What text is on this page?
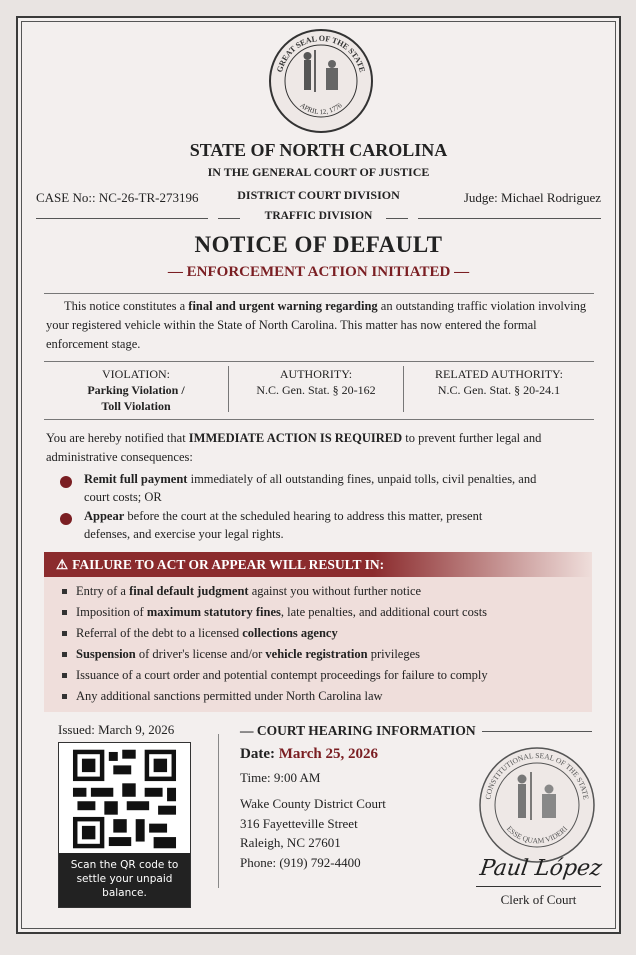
GREAT SEAL OF THE STATE
APRIL 12, 1776
STATE OF NORTH CAROLINA
IN THE GENERAL COURT OF JUSTICE
CASE No:: NC-26-TR-273196	DISTRICT COURT DIVISION	Judge: Michael Rodriguez
TRAFFIC DIVISION
NOTICE OF DEFAULT
— ENFORCEMENT ACTION INITIATED —
This notice constitutes a final and urgent warning regarding an outstanding traffic violation involving your registered vehicle within the State of North Carolina. This matter has now entered the formal enforcement stage.
VIOLATION:
Parking Violation / Toll Violation
AUTHORITY:
N.C. Gen. Stat. § 20-162
RELATED AUTHORITY:
N.C. Gen. Stat. § 20-24.1
You are hereby notified that IMMEDIATE ACTION IS REQUIRED to prevent further legal and administrative consequences:
Remit full payment immediately of all outstanding fines, unpaid tolls, civil penalties, and court costs; OR
Appear before the court at the scheduled hearing to address this matter, present defenses, and exercise your legal rights.
⚠ FAILURE TO ACT OR APPEAR WILL RESULT IN:
Entry of a final default judgment against you without further notice
Imposition of maximum statutory fines, late penalties, and additional court costs
Referral of the debt to a licensed collections agency
Suspension of driver's license and/or vehicle registration privileges
Issuance of a court order and potential contempt proceedings for failure to comply
Any additional sanctions permitted under North Carolina law
Issued: March 9, 2026
Scan the QR code to settle your unpaid balance.
— COURT HEARING INFORMATION
Date: March 25, 2026
Time: 9:00 AM
Wake County District Court
316 Fayetteville Street
Raleigh, NC 27601
Phone: (919) 792-4400
CONSTITUTIONAL SEAL OF THE STATE
ESSE QUAM VIDERI
Paul López
Clerk of Court
